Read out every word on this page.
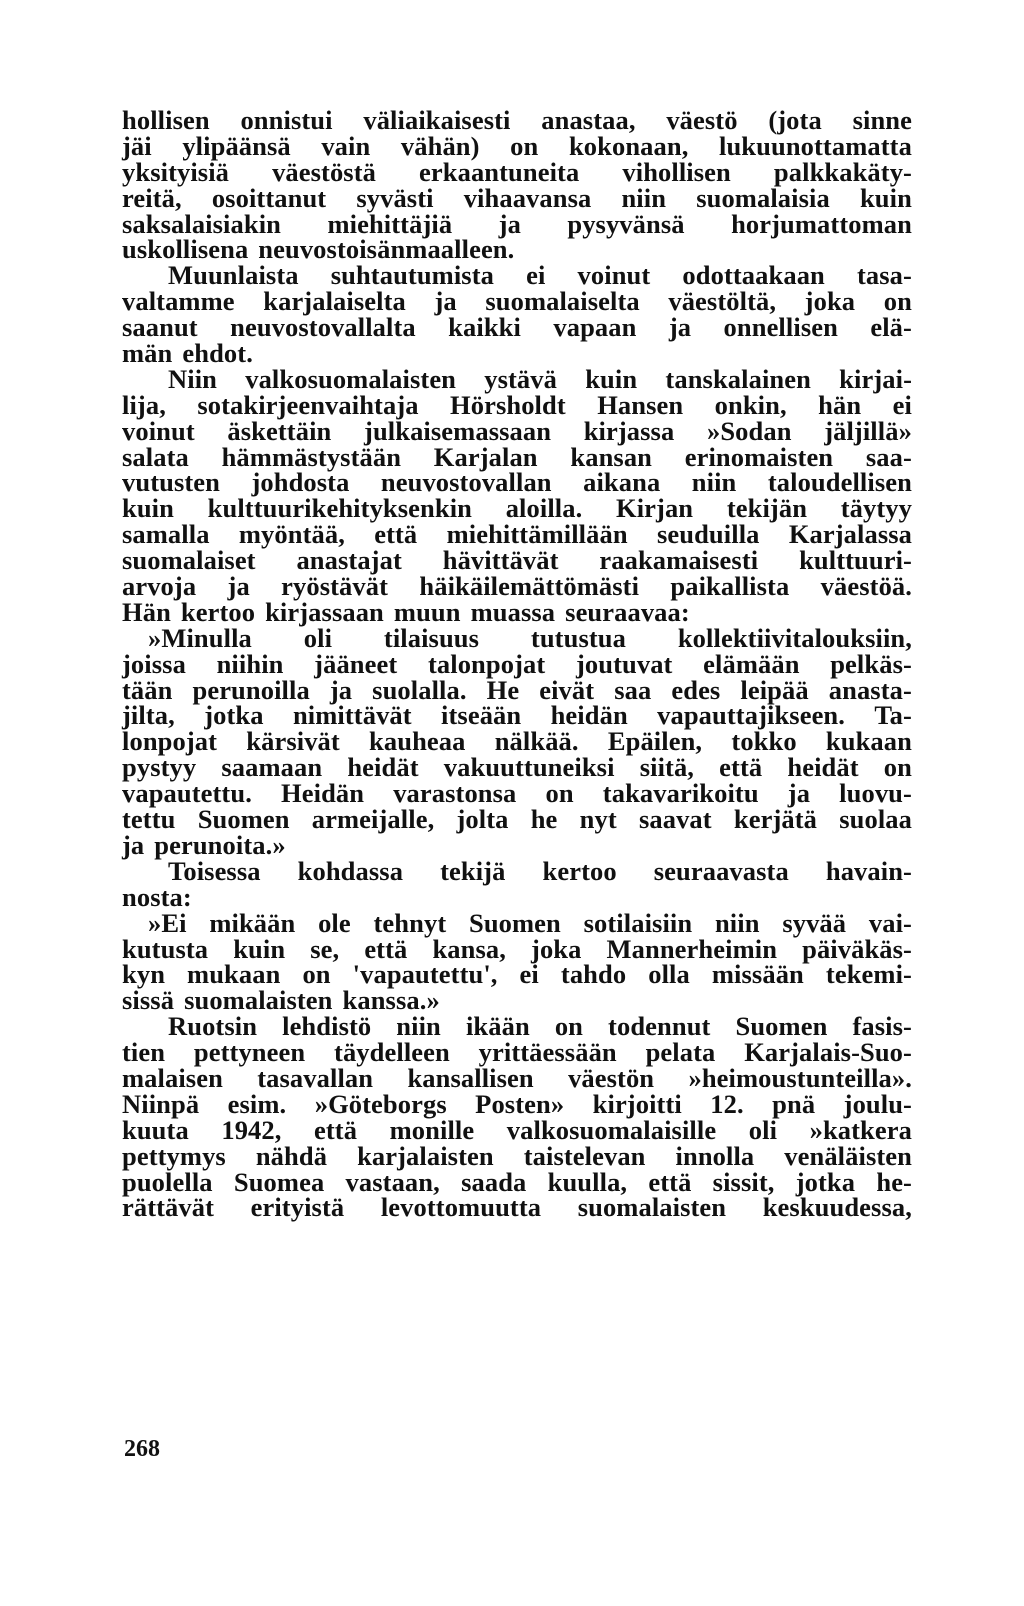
hollisen onnistui väliaikaisesti anastaa, väestö (jota sinne
jäi ylipäänsä vain vähän) on kokonaan, lukuunottamatta
yksityisiä väestöstä erkaantuneita vihollisen palkkakäty-
reitä, osoittanut syvästi vihaavansa niin suomalaisia kuin
saksalaisiakin miehittäjiä ja pysyvänsä horjumattoman
uskollisena neuvostoisänmaalleen.
Muunlaista suhtautumista ei voinut odottaakaan tasa-
valtamme karjalaiselta ja suomalaiselta väestöltä, joka on
saanut neuvostovallalta kaikki vapaan ja onnellisen elä-
män ehdot.
Niin valkosuomalaisten ystävä kuin tanskalainen kirjai-
lija, sotakirjeenvaihtaja Hörsholdt Hansen onkin, hän ei
voinut äskettäin julkaisemassaan kirjassa »Sodan jäljillä»
salata hämmästystään Karjalan kansan erinomaisten saa-
vutusten johdosta neuvostovallan aikana niin taloudellisen
kuin kulttuurikehityksenkin aloilla. Kirjan tekijän täytyy
samalla myöntää, että miehittämillään seuduilla Karjalassa
suomalaiset anastajat hävittävät raakamaisesti kulttuuri-
arvoja ja ryöstävät häikäilemättömästi paikallista väestöä.
Hän kertoo kirjassaan muun muassa seuraavaa:
»Minulla oli tilaisuus tutustua kollektiivitalouksiin,
joissa niihin jääneet talonpojat joutuvat elämään pelkäs-
tään perunoilla ja suolalla. He eivät saa edes leipää anasta-
jilta, jotka nimittävät itseään heidän vapauttajikseen. Ta-
lonpojat kärsivät kauheaa nälkää. Epäilen, tokko kukaan
pystyy saamaan heidät vakuuttuneiksi siitä, että heidät on
vapautettu. Heidän varastonsa on takavarikoitu ja luovu-
tettu Suomen armeijalle, jolta he nyt saavat kerjätä suolaa
ja perunoita.»
Toisessa kohdassa tekijä kertoo seuraavasta havain-
nosta:
»Ei mikään ole tehnyt Suomen sotilaisiin niin syvää vai-
kutusta kuin se, että kansa, joka Mannerheimin päiväkäs-
kyn mukaan on 'vapautettu', ei tahdo olla missään tekemi-
sissä suomalaisten kanssa.»
Ruotsin lehdistö niin ikään on todennut Suomen fasis-
tien pettyneen täydelleen yrittäessään pelata Karjalais-Suo-
malaisen tasavallan kansallisen väestön »heimoustunteilla».
Niinpä esim. »Göteborgs Posten» kirjoitti 12. pnä joulu-
kuuta 1942, että monille valkosuomalaisille oli »katkera
pettymys nähdä karjalaisten taistelevan innolla venäläisten
puolella Suomea vastaan, saada kuulla, että sissit, jotka he-
rättävät erityistä levottomuutta suomalaisten keskuudessa,
268
